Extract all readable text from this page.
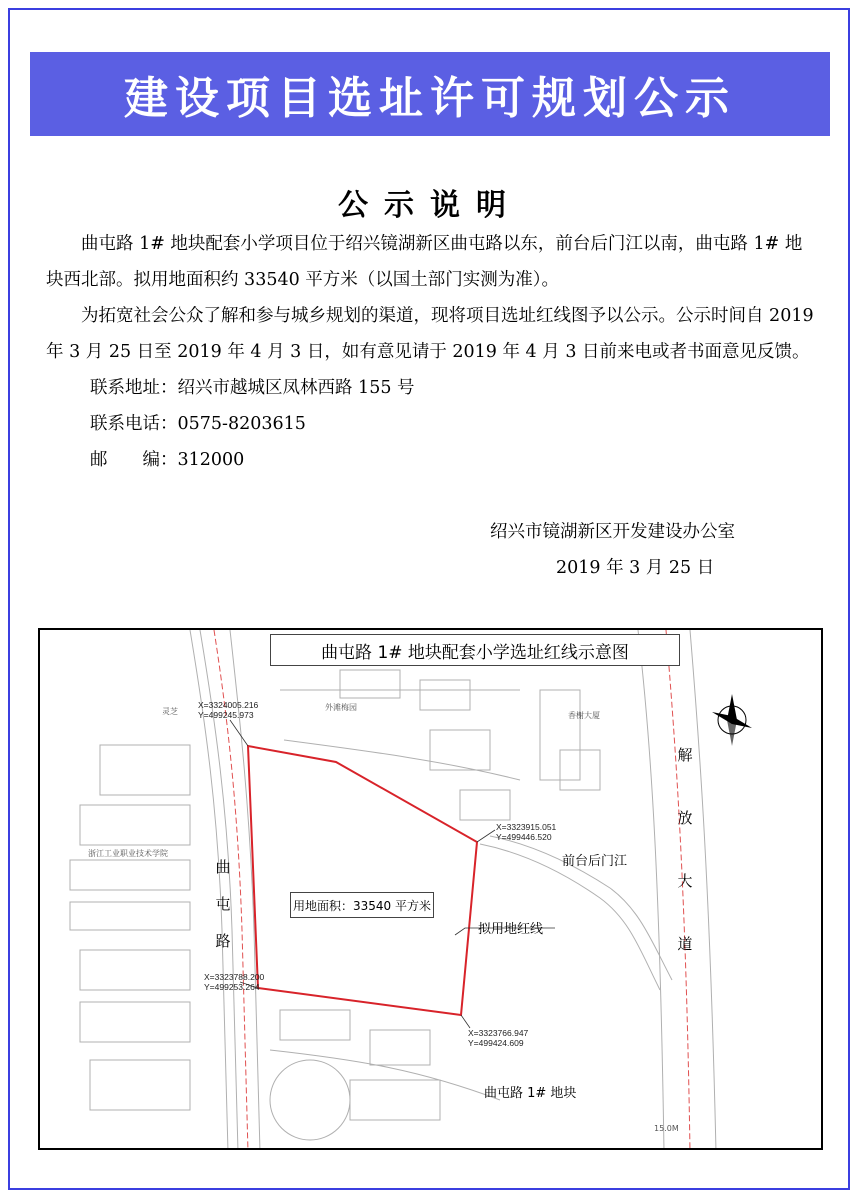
建设项目选址许可规划公示
公示说明

曲屯路 1# 地块配套小学项目位于绍兴镜湖新区曲屯路以东，前台后门江以南，曲屯路 1# 地块西北部。拟用地面积约 33540 平方米（以国土部门实测为准）。

为拓宽社会公众了解和参与城乡规划的渠道，现将项目选址红线图予以公示。公示时间自 2019 年 3 月 25 日至 2019 年 4 月 3 日，如有意见请于 2019 年 4 月 3 日前来电或者书面意见反馈。

联系地址：绍兴市越城区凤林西路 155 号

联系电话：0575-8203615

邮　　编：312000

绍兴市镜湖新区开发建设办公室
2019 年 3 月 25 日
曲屯路 1# 地块配套小学选址红线示意图
用地面积：33540 平方米
拟用地红线
曲
屯
路
解
放
大
道
前台后门江
曲屯路 1# 地块
X=3324005.216
Y=499245.973
X=3323915.051
Y=499446.520
X=3323788.200
Y=499253.264
X=3323766.947
Y=499424.609
外滩梅园
香榭大厦
浙江工业职业技术学院
灵芝
15.0M
